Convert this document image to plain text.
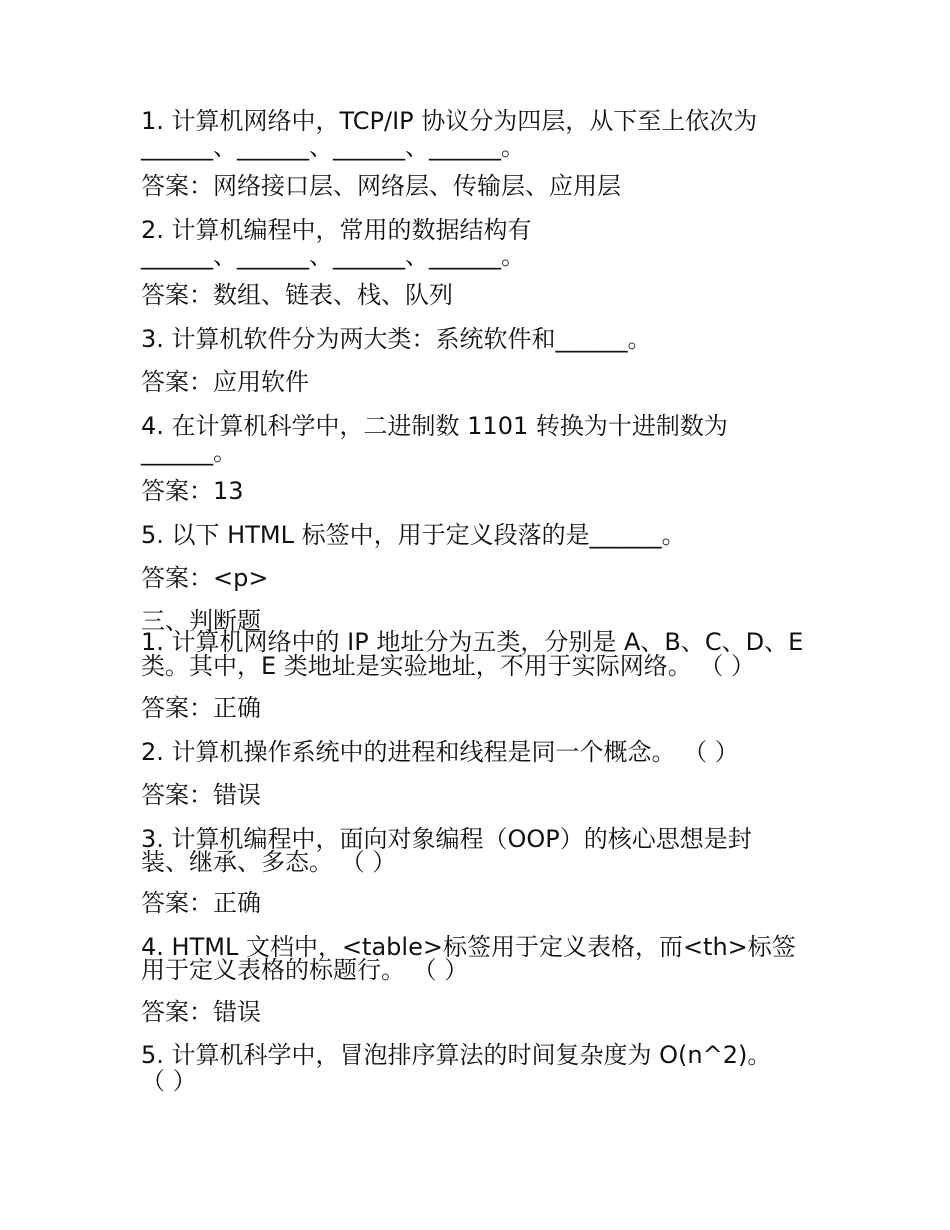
1. 计算机网络中，TCP/IP 协议分为四层，从下至上依次为
______、______、______、______。
答案：网络接口层、网络层、传输层、应用层
2. 计算机编程中，常用的数据结构有
______、______、______、______。
答案：数组、链表、栈、队列
3. 计算机软件分为两大类：系统软件和______。
答案：应用软件
4. 在计算机科学中，二进制数 1101 转换为十进制数为
______。
答案：13
5. 以下 HTML 标签中，用于定义段落的是______。
答案：<p>
三、判断题
1. 计算机网络中的 IP 地址分为五类，分别是 A、B、C、D、E
类。其中，E 类地址是实验地址，不用于实际网络。 （ ）
答案：正确
2. 计算机操作系统中的进程和线程是同一个概念。 （ ）
答案：错误
3. 计算机编程中，面向对象编程（OOP）的核心思想是封
装、继承、多态。 （ ）
答案：正确
4. HTML 文档中，<table>标签用于定义表格，而<th>标签
用于定义表格的标题行。 （ ）
答案：错误
5. 计算机科学中，冒泡排序算法的时间复杂度为 O(n^2)。
（ ）
